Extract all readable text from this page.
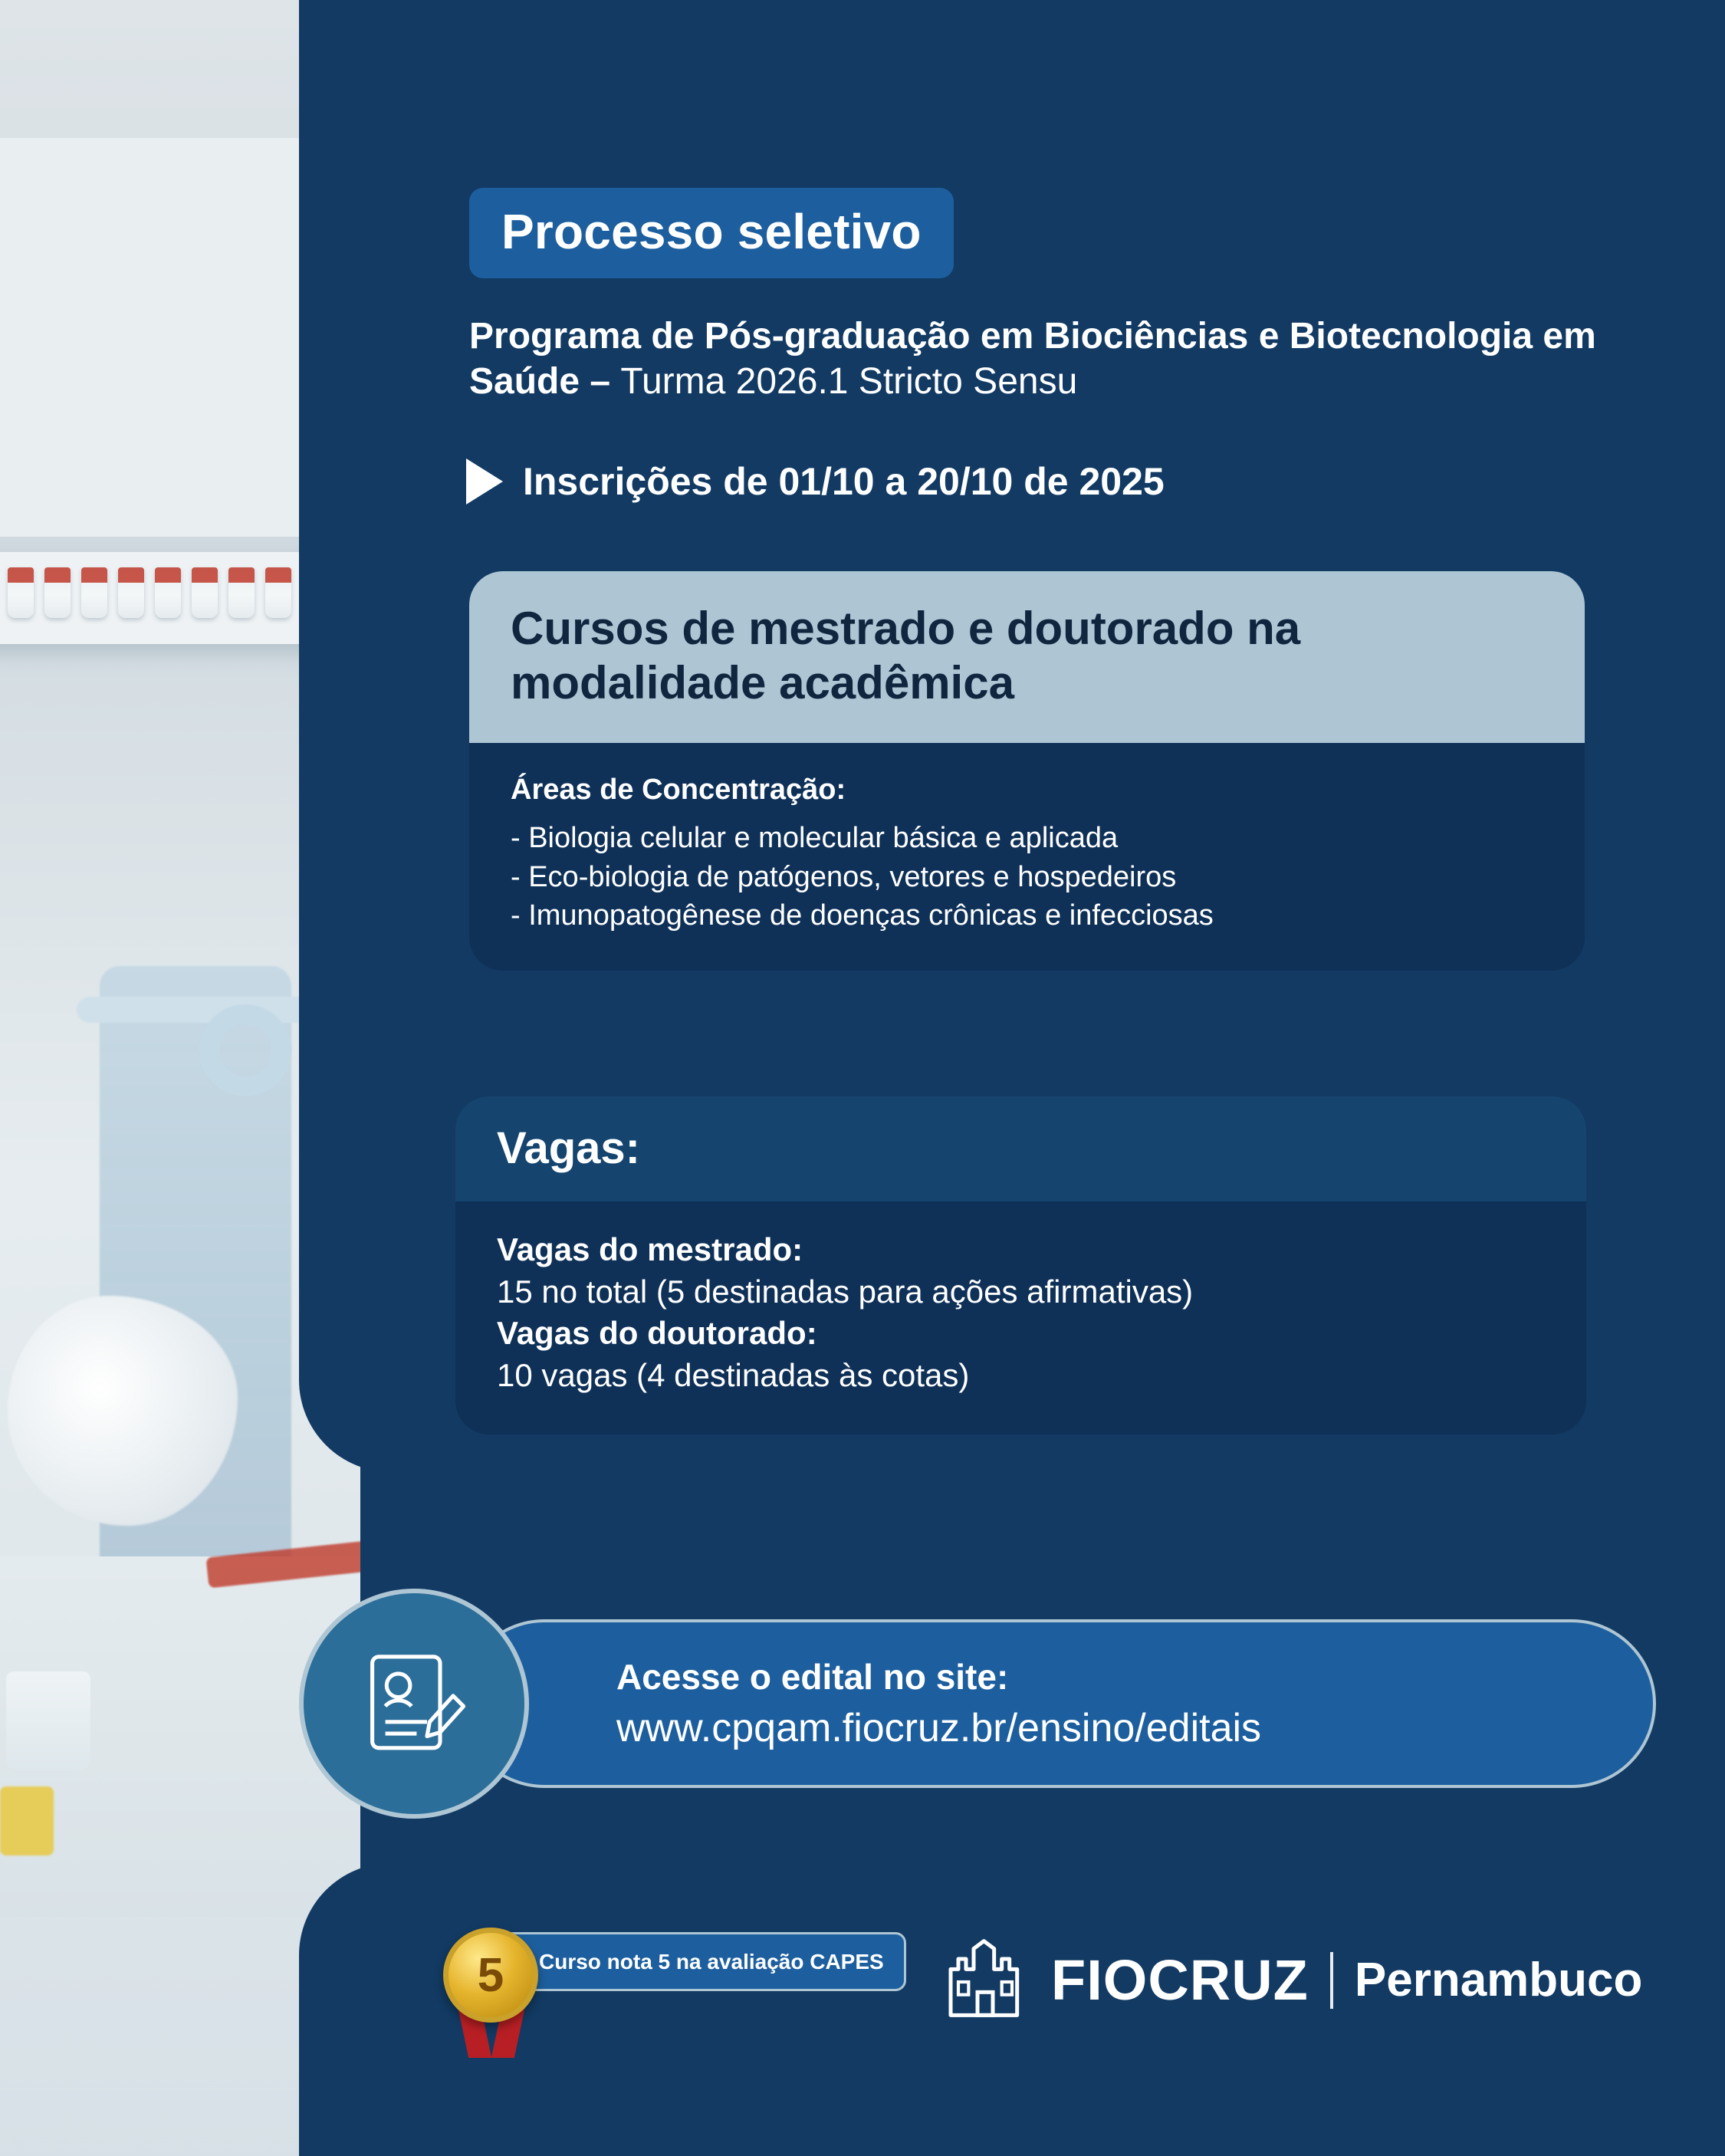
Processo seletivo
Programa de Pós-graduação em Biociências e Biotecnologia em Saúde – Turma 2026.1 Stricto Sensu
Inscrições de 01/10 a 20/10 de 2025
Cursos de mestrado e doutorado na modalidade acadêmica
Áreas de Concentração:
- Biologia celular e molecular básica e aplicada
- Eco-biologia de patógenos, vetores e hospedeiros
- Imunopatogênese de doenças crônicas e infecciosas
Vagas:
Vagas do mestrado:
15 no total (5 destinadas para ações afirmativas)
Vagas do doutorado:
10 vagas (4 destinadas às cotas)
Acesse o edital no site:
www.cpqam.fiocruz.br/ensino/editais
5	Curso nota 5 na avaliação CAPES	FIOCRUZ Pernambuco
